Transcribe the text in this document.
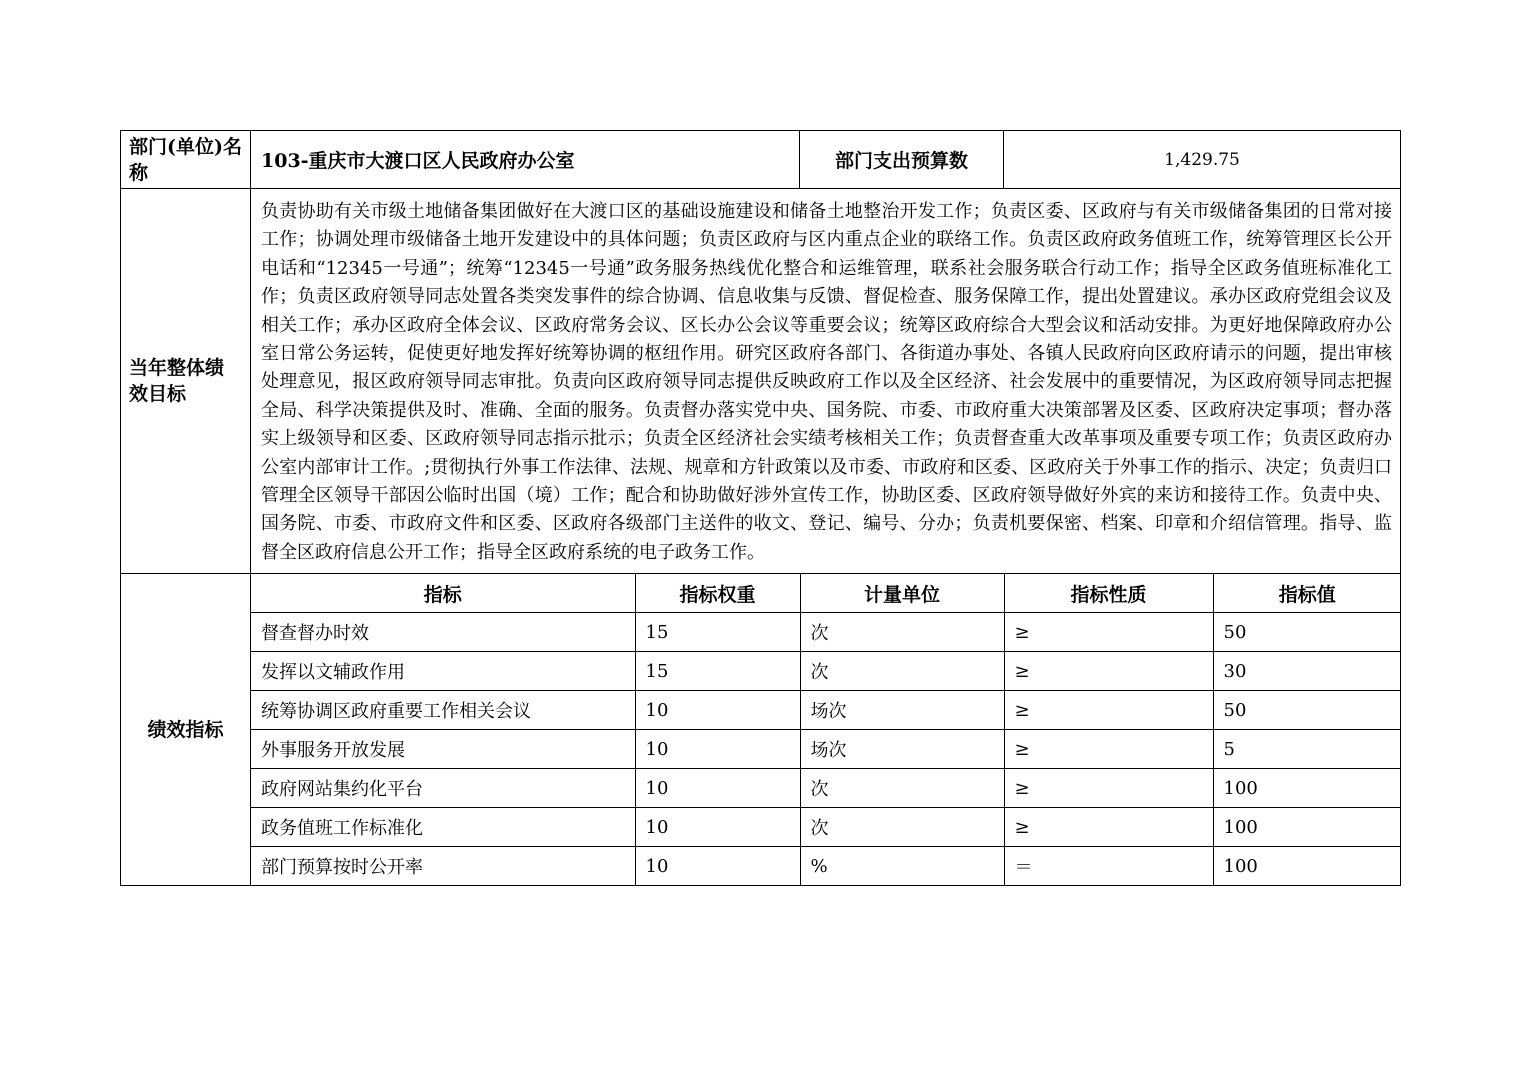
部门(单位)名称	103-重庆市大渡口区人民政府办公室	部门支出预算数	1,429.75
当年整体绩效目标	负责协助有关市级土地储备集团做好在大渡口区的基础设施建设和储备土地整治开发工作；负责区委、区政府与有关市级储备集团的日常对接工作；协调处理市级储备土地开发建设中的具体问题；负责区政府与区内重点企业的联络工作。负责区政府政务值班工作，统筹管理区长公开电话和“12345一号通”；统筹“12345一号通”政务服务热线优化整合和运维管理，联系社会服务联合行动工作；指导全区政务值班标准化工作；负责区政府领导同志处置各类突发事件的综合协调、信息收集与反馈、督促检查、服务保障工作，提出处置建议。承办区政府党组会议及相关工作；承办区政府全体会议、区政府常务会议、区长办公会议等重要会议；统筹区政府综合大型会议和活动安排。为更好地保障政府办公室日常公务运转，促使更好地发挥好统筹协调的枢纽作用。研究区政府各部门、各街道办事处、各镇人民政府向区政府请示的问题，提出审核处理意见，报区政府领导同志审批。负责向区政府领导同志提供反映政府工作以及全区经济、社会发展中的重要情况，为区政府领导同志把握全局、科学决策提供及时、准确、全面的服务。负责督办落实党中央、国务院、市委、市政府重大决策部署及区委、区政府决定事项；督办落实上级领导和区委、区政府领导同志指示批示；负责全区经济社会实绩考核相关工作；负责督查重大改革事项及重要专项工作；负责区政府办公室内部审计工作。;贯彻执行外事工作法律、法规、规章和方针政策以及市委、市政府和区委、区政府关于外事工作的指示、决定；负责归口管理全区领导干部因公临时出国（境）工作；配合和协助做好涉外宣传工作，协助区委、区政府领导做好外宾的来访和接待工作。负责中央、国务院、市委、市政府文件和区委、区政府各级部门主送件的收文、登记、编号、分办；负责机要保密、档案、印章和介绍信管理。指导、监督全区政府信息公开工作；指导全区政府系统的电子政务工作。
绩效指标	
指标	指标权重	计量单位	指标性质	指标值
督查督办时效	15	次	≥	50
发挥以文辅政作用	15	次	≥	30
统筹协调区政府重要工作相关会议	10	场次	≥	50
外事服务开放发展	10	场次	≥	5
政府网站集约化平台	10	次	≥	100
政务值班工作标准化	10	次	≥	100
部门预算按时公开率	10	%	＝	100
